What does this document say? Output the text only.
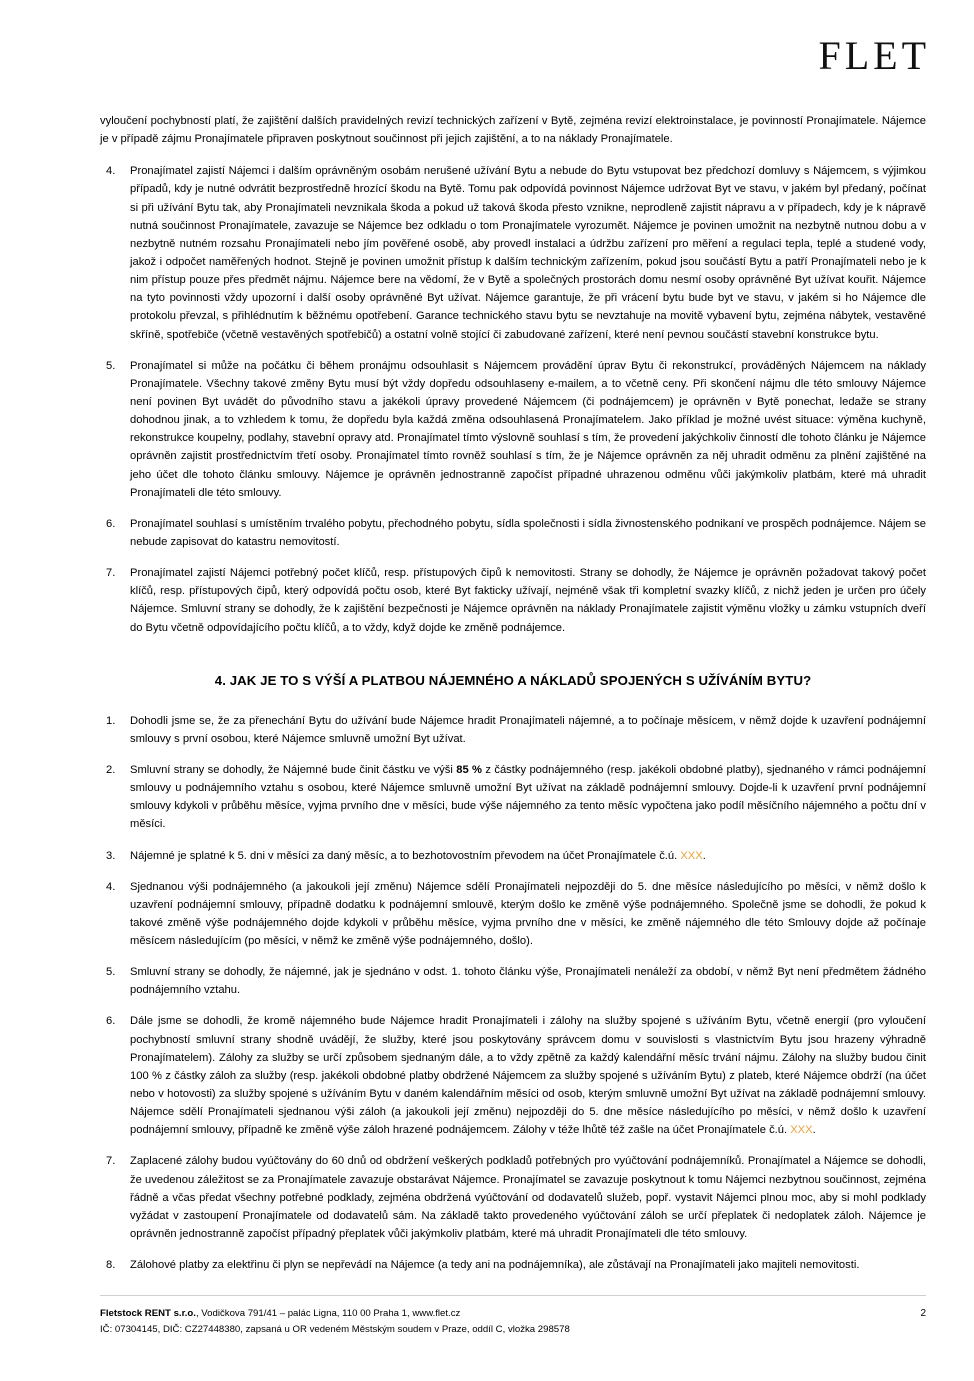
FLET

vyloučení pochybností platí, že zajištění dalších pravidelných revizí technických zařízení v Bytě, zejména revizí elektroinstalace, je povinností Pronajímatele. Nájemce je v případě zájmu Pronajímatele připraven poskytnout součinnost při jejich zajištění, a to na náklady Pronajímatele.

Pronajímatel zajistí Nájemci i dalším oprávněným osobám nerušené užívání Bytu a nebude do Bytu vstupovat bez předchozí domluvy s Nájemcem, s výjimkou případů, kdy je nutné odvrátit bezprostředně hrozící škodu na Bytě. Tomu pak odpovídá povinnost Nájemce udržovat Byt ve stavu, v jakém byl předaný, počínat si při užívání Bytu tak, aby Pronajímateli nevznikala škoda a pokud už taková škoda přesto vznikne, neprodleně zajistit nápravu a v případech, kdy je k nápravě nutná součinnost Pronajímatele, zavazuje se Nájemce bez odkladu o tom Pronajímatele vyrozumět. Nájemce je povinen umožnit na nezbytně nutnou dobu a v nezbytně nutném rozsahu Pronajímateli nebo jím pověřené osobě, aby provedl instalaci a údržbu zařízení pro měření a regulaci tepla, teplé a studené vody, jakož i odpočet naměřených hodnot. Stejně je povinen umožnit přístup k dalším technickým zařízením, pokud jsou součástí Bytu a patří Pronajímateli nebo je k nim přístup pouze přes předmět nájmu. Nájemce bere na vědomí, že v Bytě a společných prostorách domu nesmí osoby oprávněné Byt užívat kouřit. Nájemce na tyto povinnosti vždy upozorní i další osoby oprávněné Byt užívat. Nájemce garantuje, že při vrácení bytu bude byt ve stavu, v jakém si ho Nájemce dle protokolu převzal, s přihlédnutím k běžnému opotřebení. Garance technického stavu bytu se nevztahuje na movitě vybavení bytu, zejména nábytek, vestavěné skříně, spotřebiče (včetně vestavěných spotřebičů) a ostatní volně stojící či zabudované zařízení, které není pevnou součástí stavební konstrukce bytu.
Pronajímatel si může na počátku či během pronájmu odsouhlasit s Nájemcem provádění úprav Bytu či rekonstrukcí, prováděných Nájemcem na náklady Pronajímatele. Všechny takové změny Bytu musí být vždy dopředu odsouhlaseny e-mailem, a to včetně ceny. Při skončení nájmu dle této smlouvy Nájemce není povinen Byt uvádět do původního stavu a jakékoli úpravy provedené Nájemcem (či podnájemcem) je oprávněn v Bytě ponechat, ledaže se strany dohodnou jinak, a to vzhledem k tomu, že dopředu byla každá změna odsouhlasená Pronajímatelem. Jako příklad je možné uvést situace: výměna kuchyně, rekonstrukce koupelny, podlahy, stavební opravy atd. Pronajímatel tímto výslovně souhlasí s tím, že provedení jakýchkoliv činností dle tohoto článku je Nájemce oprávněn zajistit prostřednictvím třetí osoby. Pronajímatel tímto rovněž souhlasí s tím, že je Nájemce oprávněn za něj uhradit odměnu za plnění zajištěné na jeho účet dle tohoto článku smlouvy. Nájemce je oprávněn jednostranně započíst případné uhrazenou odměnu vůči jakýmkoliv platbám, které má uhradit Pronajímateli dle této smlouvy.
Pronajímatel souhlasí s umístěním trvalého pobytu, přechodného pobytu, sídla společnosti i sídla živnostenského podnikaní ve prospěch podnájemce. Nájem se nebude zapisovat do katastru nemovitostí.
Pronajímatel zajistí Nájemci potřebný počet klíčů, resp. přístupových čipů k nemovitosti. Strany se dohodly, že Nájemce je oprávněn požadovat takový počet klíčů, resp. přístupových čipů, který odpovídá počtu osob, které Byt fakticky užívají, nejméně však tři kompletní svazky klíčů, z nichž jeden je určen pro účely Nájemce. Smluvní strany se dohodly, že k zajištění bezpečnosti je Nájemce oprávněn na náklady Pronajímatele zajistit výměnu vložky u zámku vstupních dveří do Bytu včetně odpovídajícího počtu klíčů, a to vždy, když dojde ke změně podnájemce.
4. JAK JE TO S VÝŠÍ A PLATBOU NÁJEMNÉHO A NÁKLADŮ SPOJENÝCH S UŽÍVÁNÍM BYTU?
Dohodli jsme se, že za přenechání Bytu do užívání bude Nájemce hradit Pronajímateli nájemné, a to počínaje měsícem, v němž dojde k uzavření podnájemní smlouvy s první osobou, které Nájemce smluvně umožní Byt užívat.
Smluvní strany se dohodly, že Nájemné bude činit částku ve výši 85 % z částky podnájemného (resp. jakékoli obdobné platby), sjednaného v rámci podnájemní smlouvy u podnájemního vztahu s osobou, které Nájemce smluvně umožní Byt užívat na základě podnájemní smlouvy. Dojde-li k uzavření první podnájemní smlouvy kdykoli v průběhu měsíce, vyjma prvního dne v měsíci, bude výše nájemného za tento měsíc vypočtena jako podíl měsíčního nájemného a počtu dní v měsíci.
Nájemné je splatné k 5. dni v měsíci za daný měsíc, a to bezhotovostním převodem na účet Pronajímatele č.ú. XXX.
Sjednanou výši podnájemného (a jakoukoli její změnu) Nájemce sdělí Pronajímateli nejpozději do 5. dne měsíce následujícího po měsíci, v němž došlo k uzavření podnájemní smlouvy, případně dodatku k podnájemní smlouvě, kterým došlo ke změně výše podnájemného. Společně jsme se dohodli, že pokud k takové změně výše podnájemného dojde kdykoli v průběhu měsíce, vyjma prvního dne v měsíci, ke změně nájemného dle této Smlouvy dojde až počínaje měsícem následujícím (po měsíci, v němž ke změně výše podnájemného, došlo).
Smluvní strany se dohodly, že nájemné, jak je sjednáno v odst. 1. tohoto článku výše, Pronajímateli nenáleží za období, v němž Byt není předmětem žádného podnájemního vztahu.
Dále jsme se dohodli, že kromě nájemného bude Nájemce hradit Pronajímateli i zálohy na služby spojené s užíváním Bytu, včetně energií (pro vyloučení pochybností smluvní strany shodně uvádějí, že služby, které jsou poskytovány správcem domu v souvislosti s vlastnictvím Bytu jsou hrazeny výhradně Pronajímatelem). Zálohy za služby se určí způsobem sjednaným dále, a to vždy zpětně za každý kalendářní měsíc trvání nájmu. Zálohy na služby budou činit 100 % z částky záloh za služby (resp. jakékoli obdobné platby obdržené Nájemcem za služby spojené s užíváním Bytu) z plateb, které Nájemce obdrží (na účet nebo v hotovosti) za služby spojené s užíváním Bytu v daném kalendářním měsíci od osob, kterým smluvně umožní Byt užívat na základě podnájemní smlouvy. Nájemce sdělí Pronajímateli sjednanou výši záloh (a jakoukoli její změnu) nejpozději do 5. dne měsíce následujícího po měsíci, v němž došlo k uzavření podnájemní smlouvy, případně ke změně výše záloh hrazené podnájemcem. Zálohy v téže lhůtě též zašle na účet Pronajímatele č.ú. XXX.
Zaplacené zálohy budou vyúčtovány do 60 dnů od obdržení veškerých podkladů potřebných pro vyúčtování podnájemníků. Pronajímatel a Nájemce se dohodli, že uvedenou záležitost se za Pronajímatele zavazuje obstarávat Nájemce. Pronajímatel se zavazuje poskytnout k tomu Nájemci nezbytnou součinnost, zejména řádně a včas předat všechny potřebné podklady, zejména obdržená vyúčtování od dodavatelů služeb, popř. vystavit Nájemci plnou moc, aby si mohl podklady vyžádat v zastoupení Pronajímatele od dodavatelů sám. Na základě takto provedeného vyúčtování záloh se určí přeplatek či nedoplatek záloh. Nájemce je oprávněn jednostranně započíst případný přeplatek vůči jakýmkoliv platbám, které má uhradit Pronajímateli dle této smlouvy.
Zálohové platby za elektřinu či plyn se nepřevádí na Nájemce (a tedy ani na podnájemníka), ale zůstávají na Pronajímateli jako majiteli nemovitosti.
Fletstock RENT s.r.o., Vodičkova 791/41 – palác Ligna, 110 00 Praha 1, www.flet.cz	2
IČ: 07304145, DIČ: CZ27448380, zapsaná u OR vedeném Městským soudem v Praze, oddíl C, vložka 298578
